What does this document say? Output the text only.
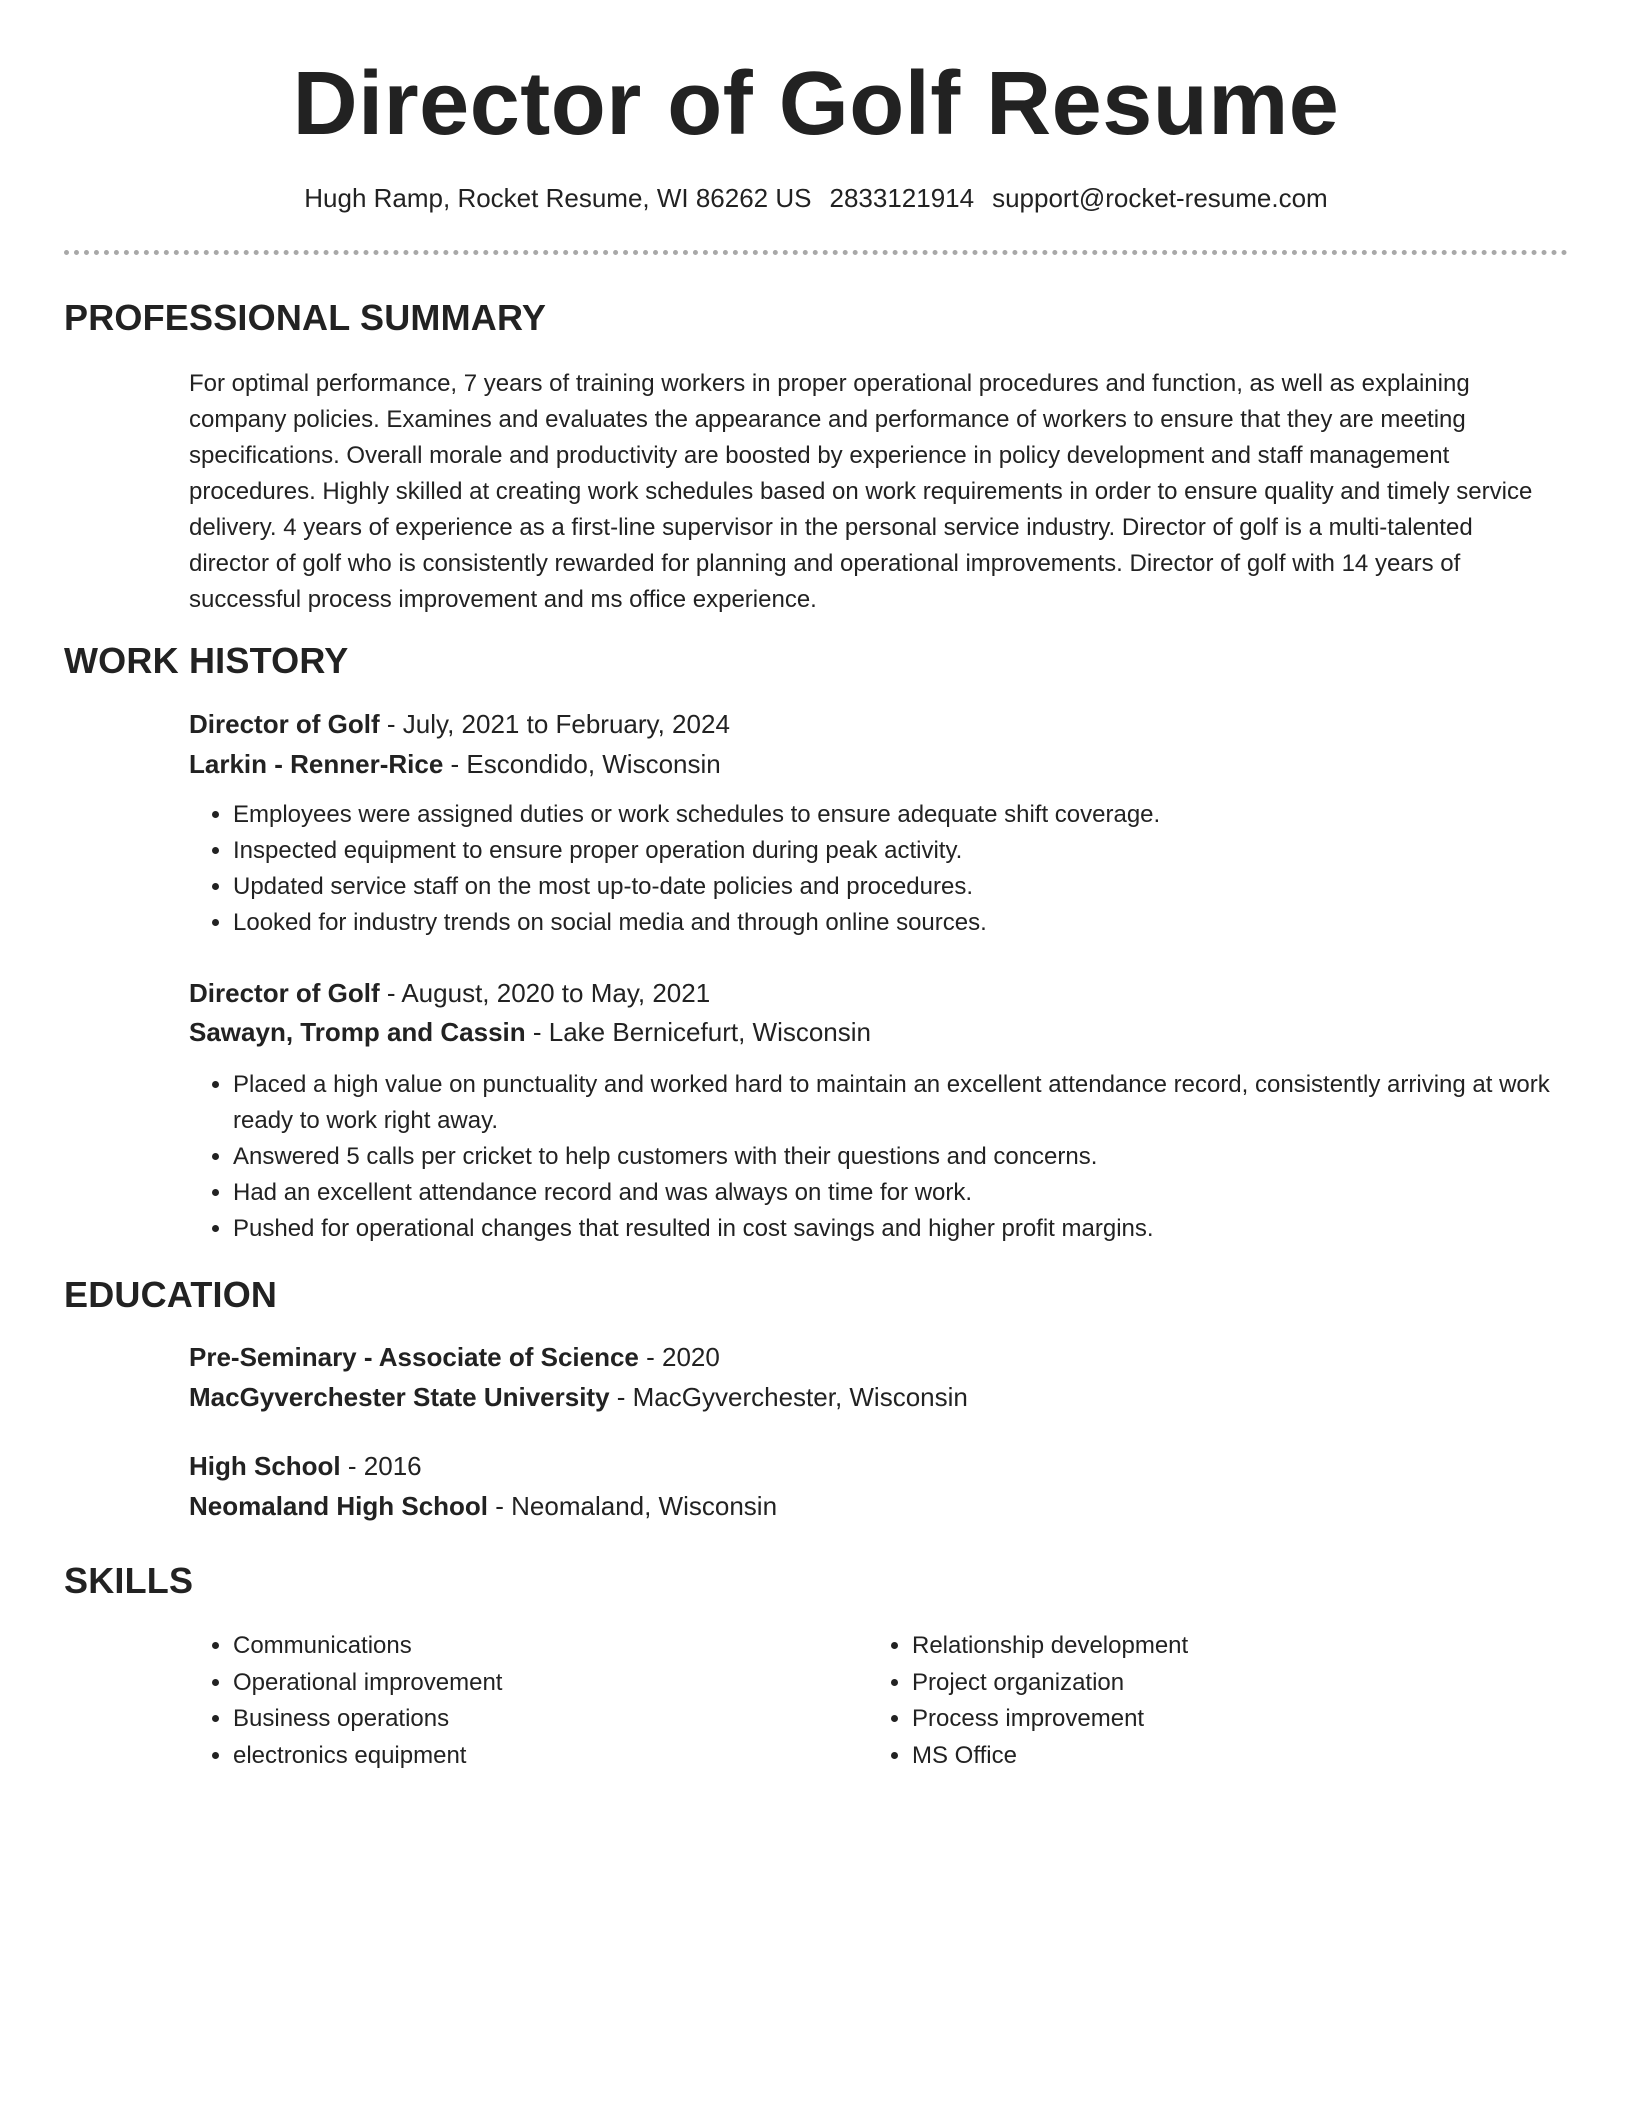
Director of Golf Resume
Hugh Ramp, Rocket Resume, WI 86262 US 2833121914 support@rocket-resume.com
PROFESSIONAL SUMMARY
For optimal performance, 7 years of training workers in proper operational procedures and function, as well as explaining company policies. Examines and evaluates the appearance and performance of workers to ensure that they are meeting specifications. Overall morale and productivity are boosted by experience in policy development and staff management procedures. Highly skilled at creating work schedules based on work requirements in order to ensure quality and timely service delivery. 4 years of experience as a first-line supervisor in the personal service industry. Director of golf is a multi-talented director of golf who is consistently rewarded for planning and operational improvements. Director of golf with 14 years of successful process improvement and ms office experience.
WORK HISTORY
Director of Golf - July, 2021 to February, 2024
Larkin - Renner-Rice - Escondido, Wisconsin
• Employees were assigned duties or work schedules to ensure adequate shift coverage.
• Inspected equipment to ensure proper operation during peak activity.
• Updated service staff on the most up-to-date policies and procedures.
• Looked for industry trends on social media and through online sources.
Director of Golf - August, 2020 to May, 2021
Sawayn, Tromp and Cassin - Lake Bernicefurt, Wisconsin
• Placed a high value on punctuality and worked hard to maintain an excellent attendance record, consistently arriving at work ready to work right away.
• Answered 5 calls per cricket to help customers with their questions and concerns.
• Had an excellent attendance record and was always on time for work.
• Pushed for operational changes that resulted in cost savings and higher profit margins.
EDUCATION
Pre-Seminary - Associate of Science - 2020
MacGyverchester State University - MacGyverchester, Wisconsin
High School - 2016
Neomaland High School - Neomaland, Wisconsin
SKILLS
• Communications
• Operational improvement
• Business operations
• electronics equipment
• Relationship development
• Project organization
• Process improvement
• MS Office
